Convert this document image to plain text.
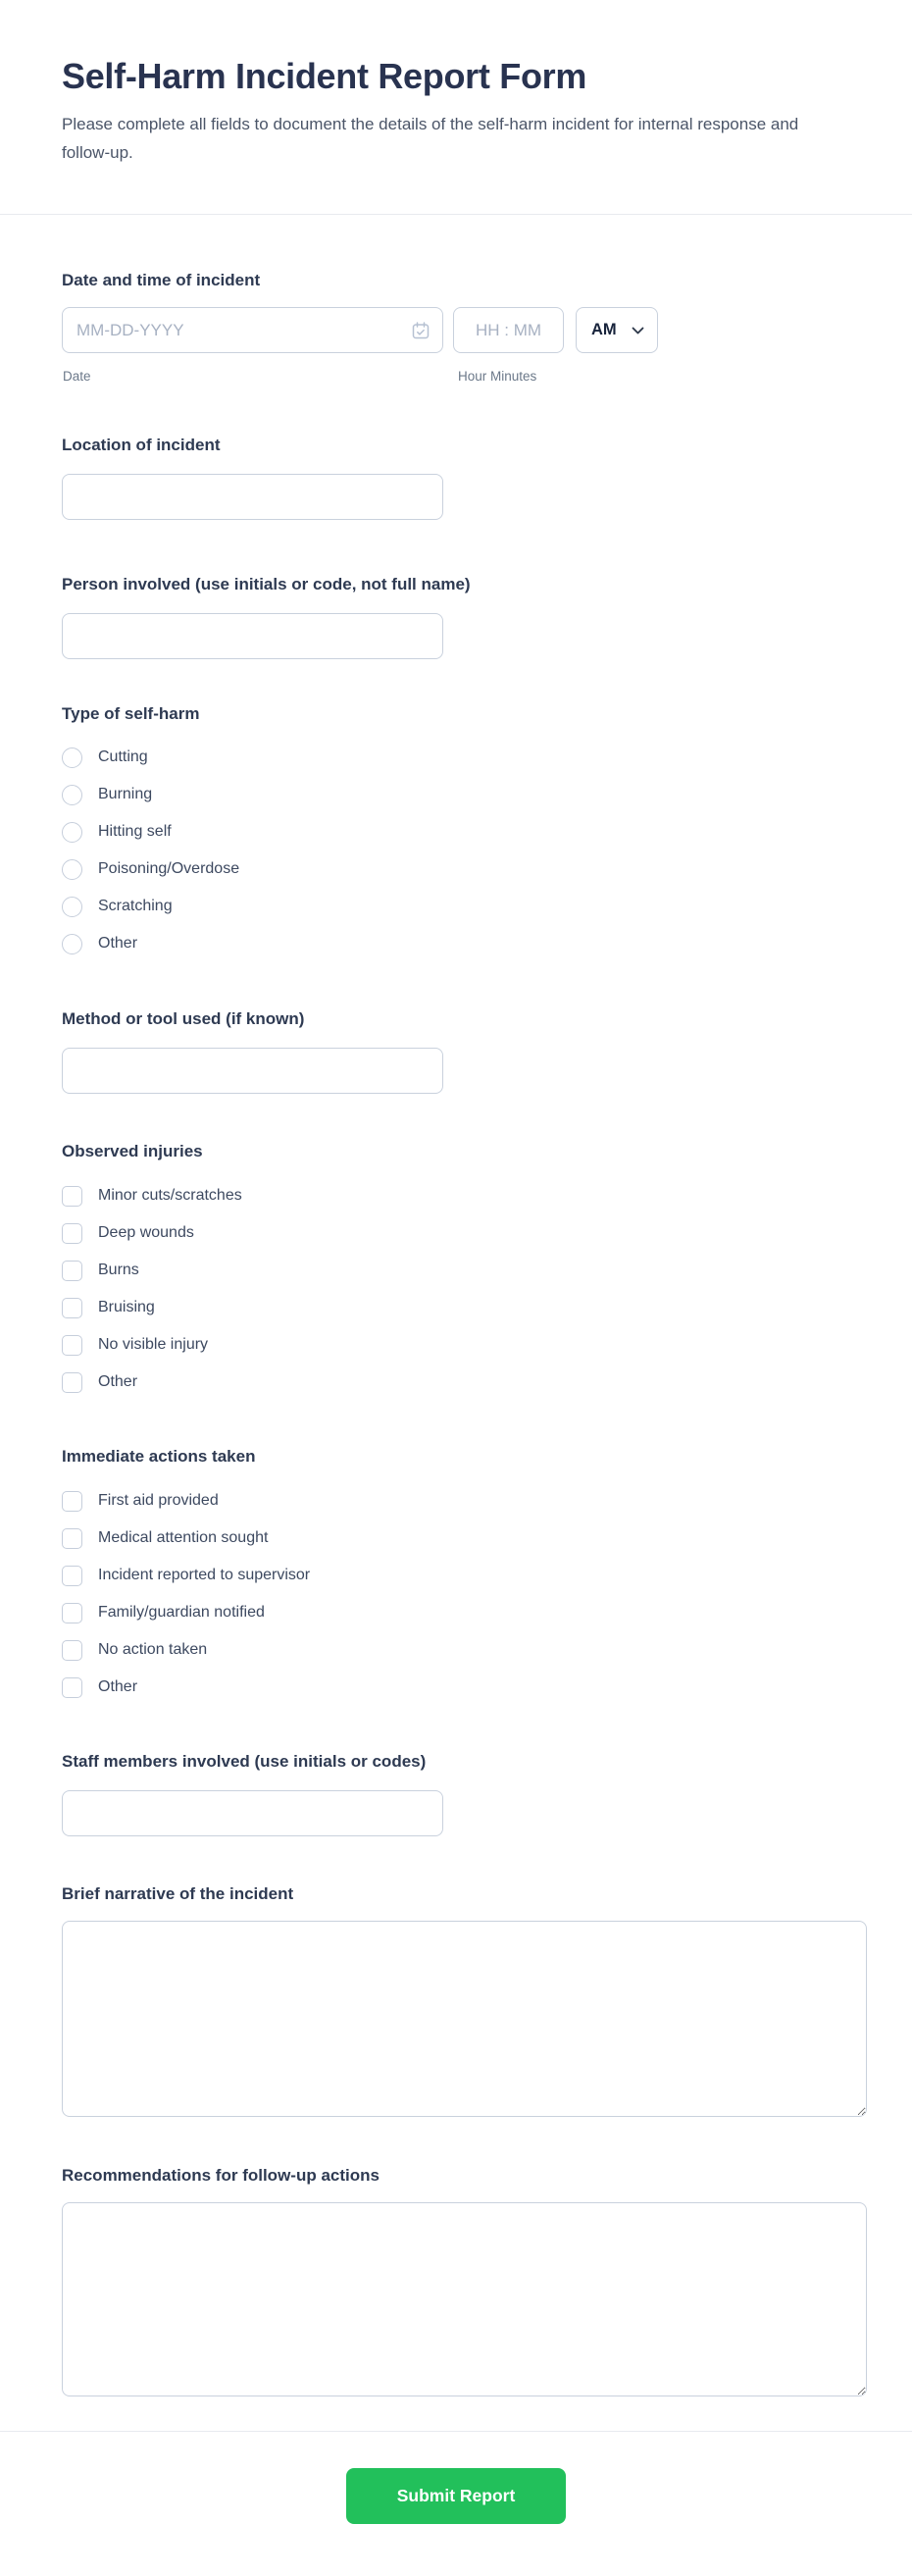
Self-Harm Incident Report Form

Please complete all fields to document the details of the self-harm incident for internal response and follow-up.

Date and time of incident
MM-DD-YYYY
HH : MM
AM
Date	Hour Minutes
Location of incident
Person involved (use initials or code, not full name)
Type of self-harm
Cutting
Burning
Hitting self
Poisoning/Overdose
Scratching
Other
Method or tool used (if known)
Observed injuries
Minor cuts/scratches
Deep wounds
Burns
Bruising
No visible injury
Other
Immediate actions taken
First aid provided
Medical attention sought
Incident reported to supervisor
Family/guardian notified
No action taken
Other
Staff members involved (use initials or codes)
Brief narrative of the incident
Recommendations for follow-up actions
Submit Report
